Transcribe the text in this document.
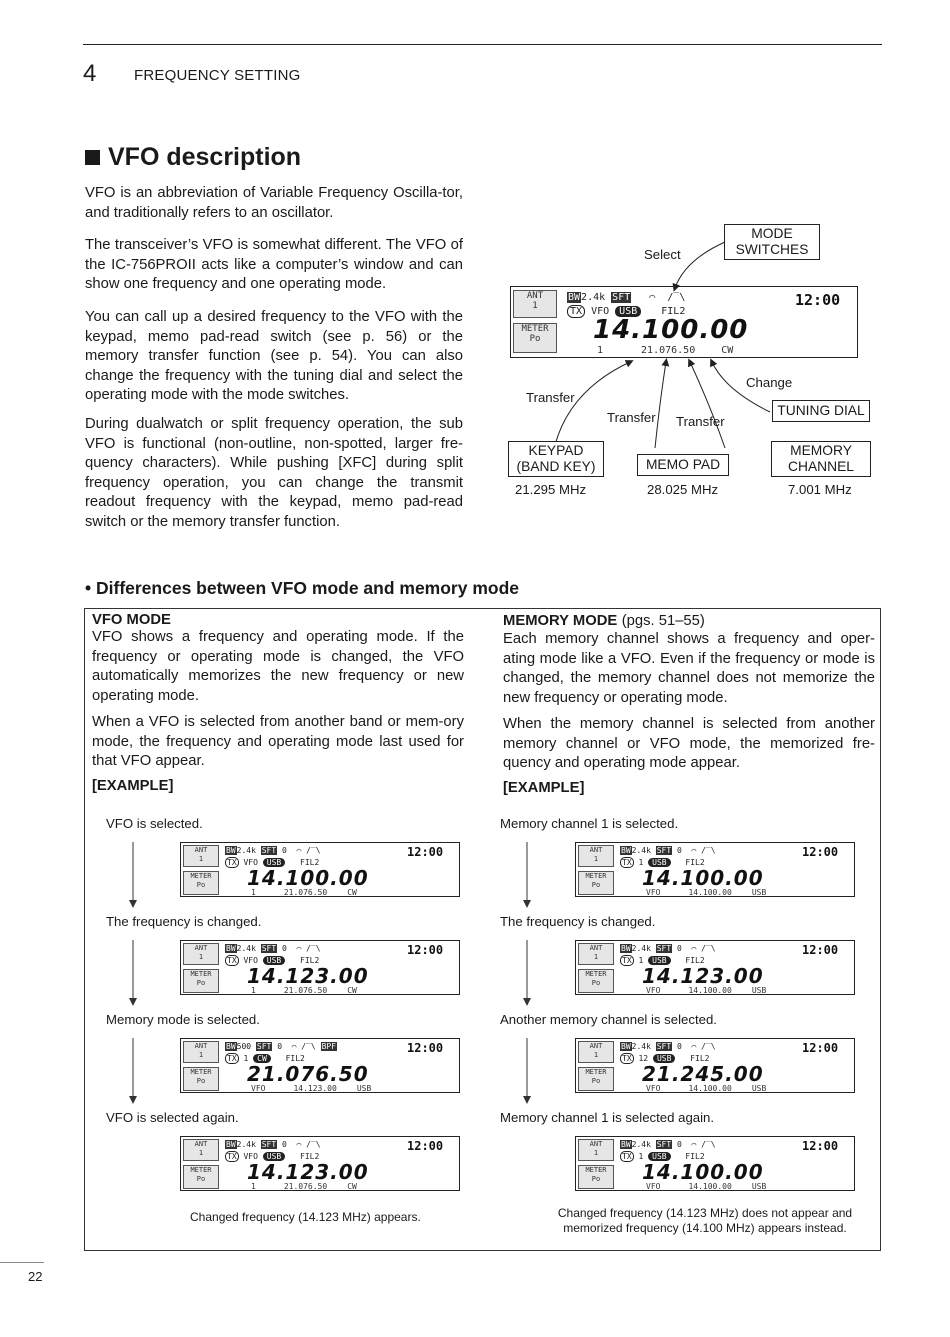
4	FREQUENCY SETTING
VFO description
VFO is an abbreviation of Variable Frequency Oscilla-tor, and traditionally refers to an oscillator.
The transceiver’s VFO is somewhat different. The VFO of the IC-756PROII acts like a computer’s window and can show one frequency and one operating mode.
You can call up a desired frequency to the VFO with the keypad, memo pad-read switch (see p. 56) or the memory transfer function (see p. 54). You can also change the frequency with the tuning dial and select the operating mode with the mode switches.
During dualwatch or split frequency operation, the sub VFO is functional (non-outline, non-spotted, larger fre-quency characters). While pushing [XFC] during split frequency operation, you can change the transmit readout frequency with the keypad, memo pad-read switch or the memory transfer function.
MODE SWITCHES
Select
ANT
1
METER
Po
BW2.4k SFT   ⌒  /‾\
TX VFO USB FIL2
12:00
14.100.00
1	21.076.50	CW
Change
TUNING DIAL
Transfer
Transfer Transfer
KEYPAD (BAND KEY)	MEMO PAD
MEMORY CHANNEL
21.295 MHz	28.025 MHz	7.001 MHz
• Differences between VFO mode and memory mode
VFO MODE
VFO shows a frequency and operating mode. If the frequency or operating mode is changed, the VFO automatically memorizes the new frequency or new operating mode.
When a VFO is selected from another band or mem-ory mode, the frequency and operating mode last used for that VFO appear.
[EXAMPLE]
MEMORY MODE (pgs. 51–55)
Each memory channel shows a frequency and oper-ating mode like a VFO. Even if the frequency or mode is changed, the memory channel does not memorize the new frequency or operating mode.
When the memory channel is selected from another memory channel or VFO mode, the memorized fre-quency and operating mode appear.
[EXAMPLE]
VFO is selected.
ANT
1
METER
Po
BW2.4k SFT 0  ⌒ /‾\
TX VFO USB FIL2
12:00
14.100.00
1	21.076.50	CW
The frequency is changed.
ANT
1
METER
Po
BW2.4k SFT 0  ⌒ /‾\
TX VFO USB FIL2
12:00
14.123.00
1	21.076.50	CW
Memory mode is selected.
ANT
1
METER
Po
BW500 SFT 0  ⌒ /‾\ BPF
TX 1 CW FIL2
12:00
21.076.50
VFO	14.123.00	USB
VFO is selected again.
ANT
1
METER
Po
BW2.4k SFT 0  ⌒ /‾\
TX VFO USB FIL2
12:00
14.123.00
1	21.076.50	CW
Memory channel 1 is selected.
ANT
1
METER
Po
BW2.4k SFT 0  ⌒ /‾\
TX 1 USB FIL2
12:00
14.100.00
VFO	14.100.00	USB
The frequency is changed.
ANT
1
METER
Po
BW2.4k SFT 0  ⌒ /‾\
TX 1 USB FIL2
12:00
14.123.00
VFO	14.100.00	USB
Another memory channel is selected.
ANT
1
METER
Po
BW2.4k SFT 0  ⌒ /‾\
TX 12 USB FIL2
12:00
21.245.00
VFO	14.100.00	USB
Memory channel 1 is selected again.
ANT
1
METER
Po
BW2.4k SFT 0  ⌒ /‾\
TX 1 USB FIL2
12:00
14.100.00
VFO	14.100.00	USB
Changed frequency (14.123 MHz) appears.	Changed frequency (14.123 MHz) does not appear and memorized frequency (14.100 MHz) appears instead.
22
